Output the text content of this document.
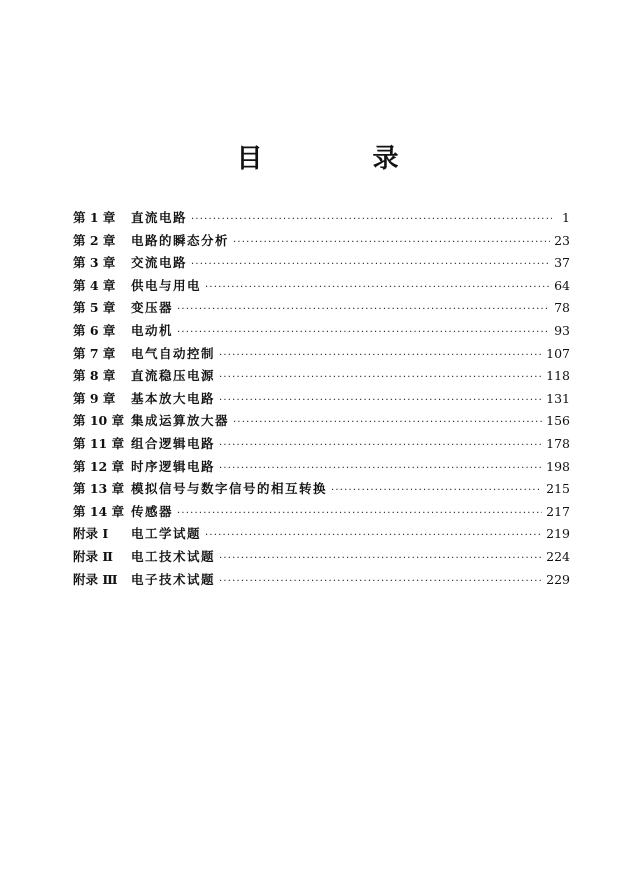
目　录
第 1 章	直流电路 ·····	1
第 2 章	电路的瞬态分析 ·····	23
第 3 章	交流电路 ·····	37
第 4 章	供电与用电 ·····	64
第 5 章	变压器 ·····	78
第 6 章	电动机 ·····	93
第 7 章	电气自动控制 ·····	107
第 8 章	直流稳压电源 ·····	118
第 9 章	基本放大电路 ·····	131
第 10 章 集成运算放大器 ·····	156
第 11 章 组合逻辑电路 ·····	178
第 12 章 时序逻辑电路 ·····	198
第 13 章 模拟信号与数字信号的相互转换 ·····	215
第 14 章 传感器 ·····	217
附录 Ⅰ	电工学试题 ·····	219
附录 Ⅱ	电工技术试题 ·····	224
附录 Ⅲ	电子技术试题 ·····	229
